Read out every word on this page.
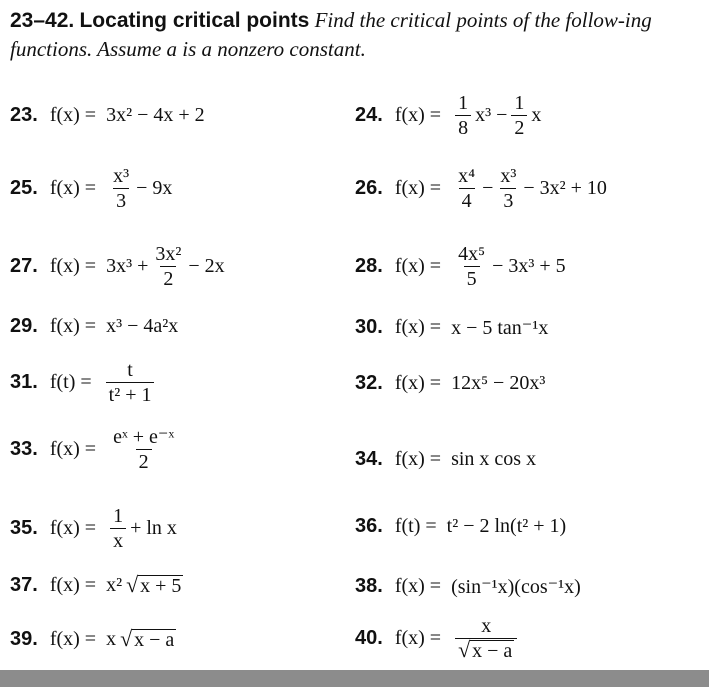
23–42. Locating critical points Find the critical points of the follow-ing functions. Assume a is a nonzero constant.
23. f(x) = 3x² − 4x + 2	24. $f(x) = \frac{1}{8} x^3 - \frac{1}{2}$ x
25. $f(x) = \frac{\text{x³}}{3} - 9x$	26. $f(x) = \frac{\text{x⁴}}{4} - \frac{\text{x³}}{3} - 3x^2 + 10$
27. $f(x) = 3x^3 + \frac{\text{3x²}}{2} - 2x$	28. $f(x) = \frac{\text{4x⁵}}{5} - 3x^3 + 5$
29. f(x) = x³ − 4a²x	30. f(x) = x − 5 tan⁻¹x
31. $f(t) = \frac{t}{\text{t² + 1}}$	32. f(x) = 12x⁵ − 20x³
33. $f(x) = \frac{\text{eˣ + e⁻ˣ}}{2}$	34. f(x) = sin x cos x
35. $f(x) = \frac{1}{x} + \ln x$	36. f(t) = t² − 2 ln(t² + 1)
37. f(x) = x² √ x + 5	38. f(x) = (sin⁻¹x)(cos⁻¹x)
39. f(x) = x √ x − a	40. $f(x) = \frac{x}{√ x - a}$
